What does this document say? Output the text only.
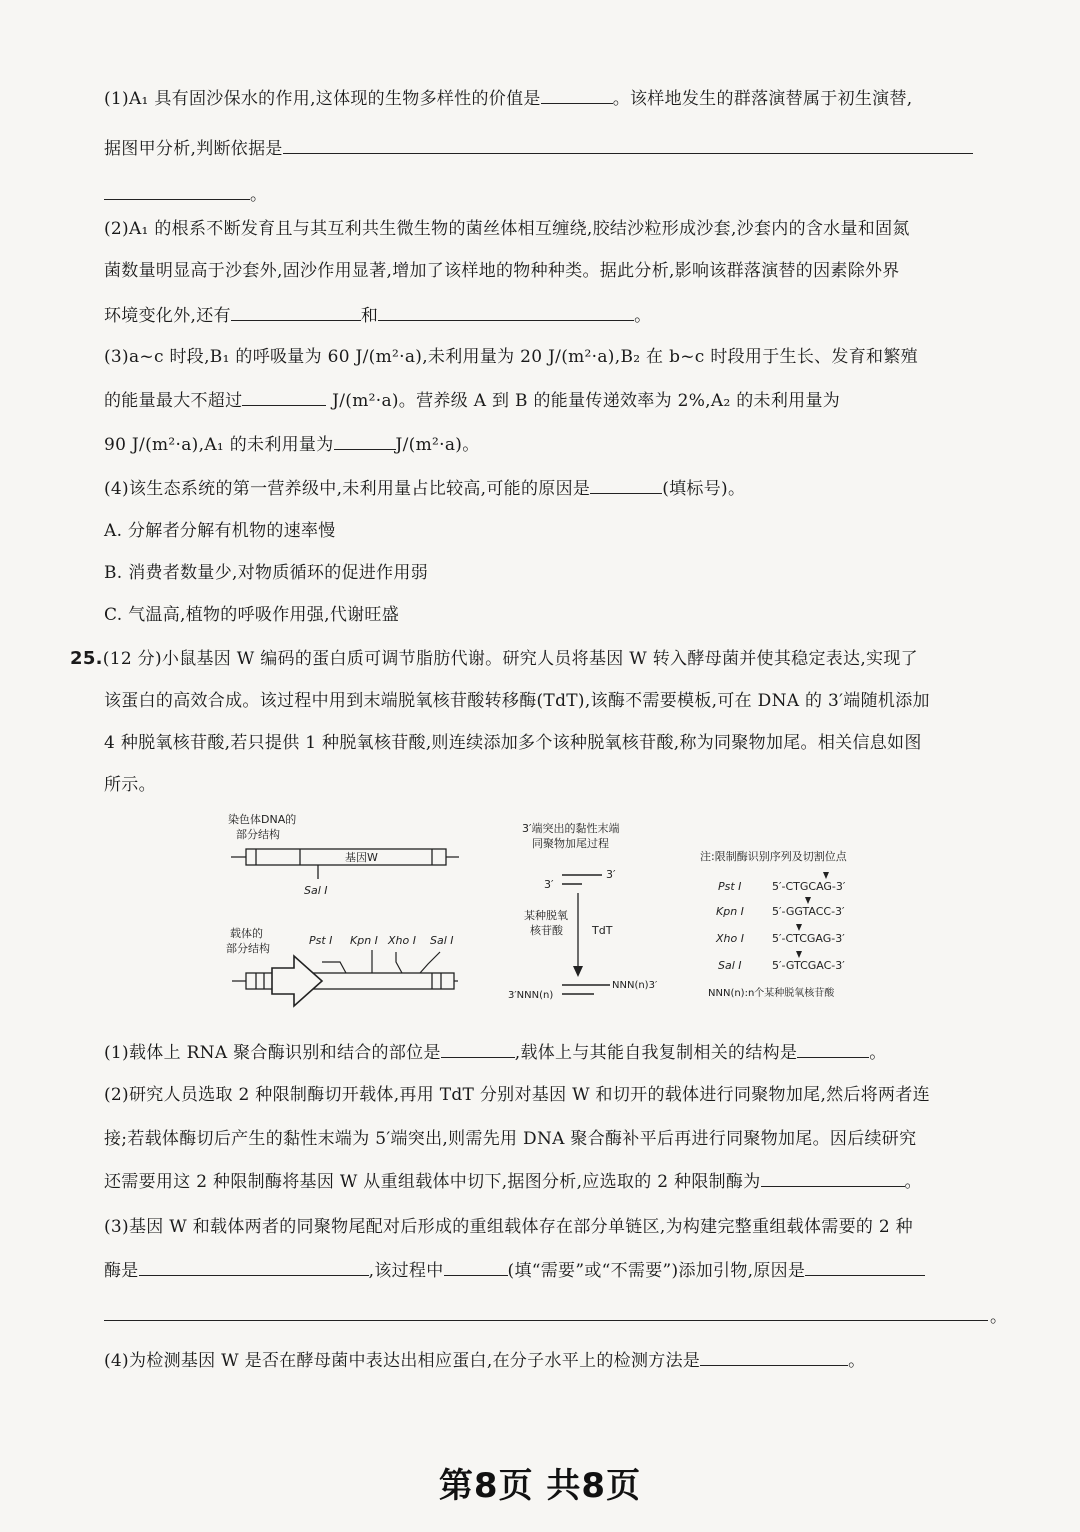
(1)A₁ 具有固沙保水的作用,这体现的生物多样性的价值是	。该样地发生的群落演替属于初生演替,
据图甲分析,判断依据是
。
(2)A₁ 的根系不断发育且与其互利共生微生物的菌丝体相互缠绕,胶结沙粒形成沙套,沙套内的含水量和固氮
菌数量明显高于沙套外,固沙作用显著,增加了该样地的物种种类。据此分析,影响该群落演替的因素除外界
环境变化外,还有	和	。
(3)a~c 时段,B₁ 的呼吸量为 60 J/(m²·a),未利用量为 20 J/(m²·a),B₂ 在 b~c 时段用于生长、发育和繁殖
的能量最大不超过	J/(m²·a)。营养级 A 到 B 的能量传递效率为 2%,A₂ 的未利用量为
90 J/(m²·a),A₁ 的未利用量为	J/(m²·a)。
(4)该生态系统的第一营养级中,未利用量占比较高,可能的原因是	(填标号)。
A. 分解者分解有机物的速率慢
B. 消费者数量少,对物质循环的促进作用弱
C. 气温高,植物的呼吸作用强,代谢旺盛
25.(12 分)小鼠基因 W 编码的蛋白质可调节脂肪代谢。研究人员将基因 W 转入酵母菌并使其稳定表达,实现了
该蛋白的高效合成。该过程中用到末端脱氧核苷酸转移酶(TdT),该酶不需要模板,可在 DNA 的 3′端随机添加
4 种脱氧核苷酸,若只提供 1 种脱氧核苷酸,则连续添加多个该种脱氧核苷酸,称为同聚物加尾。相关信息如图
所示。
染色体DNA的
部分结构
基因W
Sal Ⅰ
载体的
部分结构
Pst Ⅰ Kpn Ⅰ Xho Ⅰ Sal Ⅰ
3′端突出的黏性末端
同聚物加尾过程
3′
3′
某种脱氧
核苷酸	TdT
NNN(n)3′
3′NNN(n)
注:限制酶识别序列及切割位点
Pst Ⅰ	5′-CTGCAG-3′
Kpn Ⅰ	5′-GGTACC-3′
Xho Ⅰ	5′-CTCGAG-3′
Sal Ⅰ	5′-GTCGAC-3′
NNN(n):n个某种脱氧核苷酸
(1)载体上 RNA 聚合酶识别和结合的部位是	,载体上与其能自我复制相关的结构是	。
(2)研究人员选取 2 种限制酶切开载体,再用 TdT 分别对基因 W 和切开的载体进行同聚物加尾,然后将两者连
接;若载体酶切后产生的黏性末端为 5′端突出,则需先用 DNA 聚合酶补平后再进行同聚物加尾。因后续研究
还需要用这 2 种限制酶将基因 W 从重组载体中切下,据图分析,应选取的 2 种限制酶为	。
(3)基因 W 和载体两者的同聚物尾配对后形成的重组载体存在部分单链区,为构建完整重组载体需要的 2 种
酶是	,该过程中	(填“需要”或“不需要”)添加引物,原因是
。
(4)为检测基因 W 是否在酵母菌中表达出相应蛋白,在分子水平上的检测方法是	。
第8页 共8页
